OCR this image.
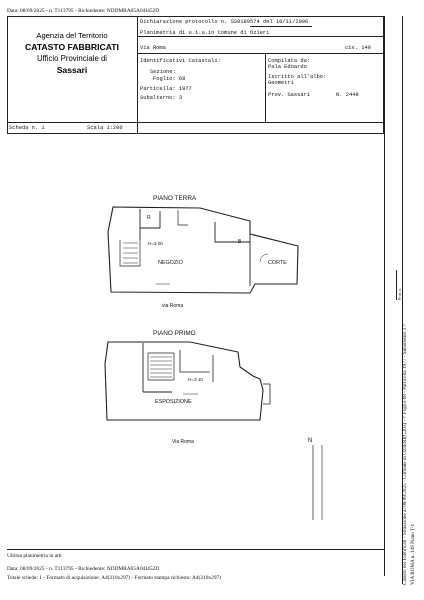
Data: 08/09/2025 - n. T113795 - Richiedente: NDDMRA65A04I452D
Agenzia del Territorio
CATASTO FABBRICATI
Ufficio Provinciale di
Sassari
Scheda n. 1	Scala 1:200
Dichiarazione protocollo n. SS0189574 del 10/11/2006
Planimetria di u.i.u.in Comune di Ozieri
Via Roma	civ. 149
Identificativi Catastali:
Sezione:
Foglio: 68
Particella: 1977
Subalterno: 3
Compilata da:
Pala Edoardo
Iscritto all'albo:
Geometri
Prov. Sassari	N. 2448
PIANO TERRA
R
B
H=3.00
NEGOZIO	CORTE
via Roma
PIANO PRIMO
H=3.10
ESPOSIZIONE
Via Roma	N
Ultima planimetria in atti
Data: 08/09/2025 - n. T113795 - Richiedente: NDDMRA65A04I452D
Totale schede: 1 - Formato di acquisizione: A4(210x297) - Formato stampa richiesto: A4(210x297)	Catasto dei Fabbricati - Situazione al 08/09/2025 - Comune di OZIERI(G203) - < Foglio 68 - Particella 1977 - Subalterno 3 > VIA ROMA n. 149 Piano T-1
Prot. n.
